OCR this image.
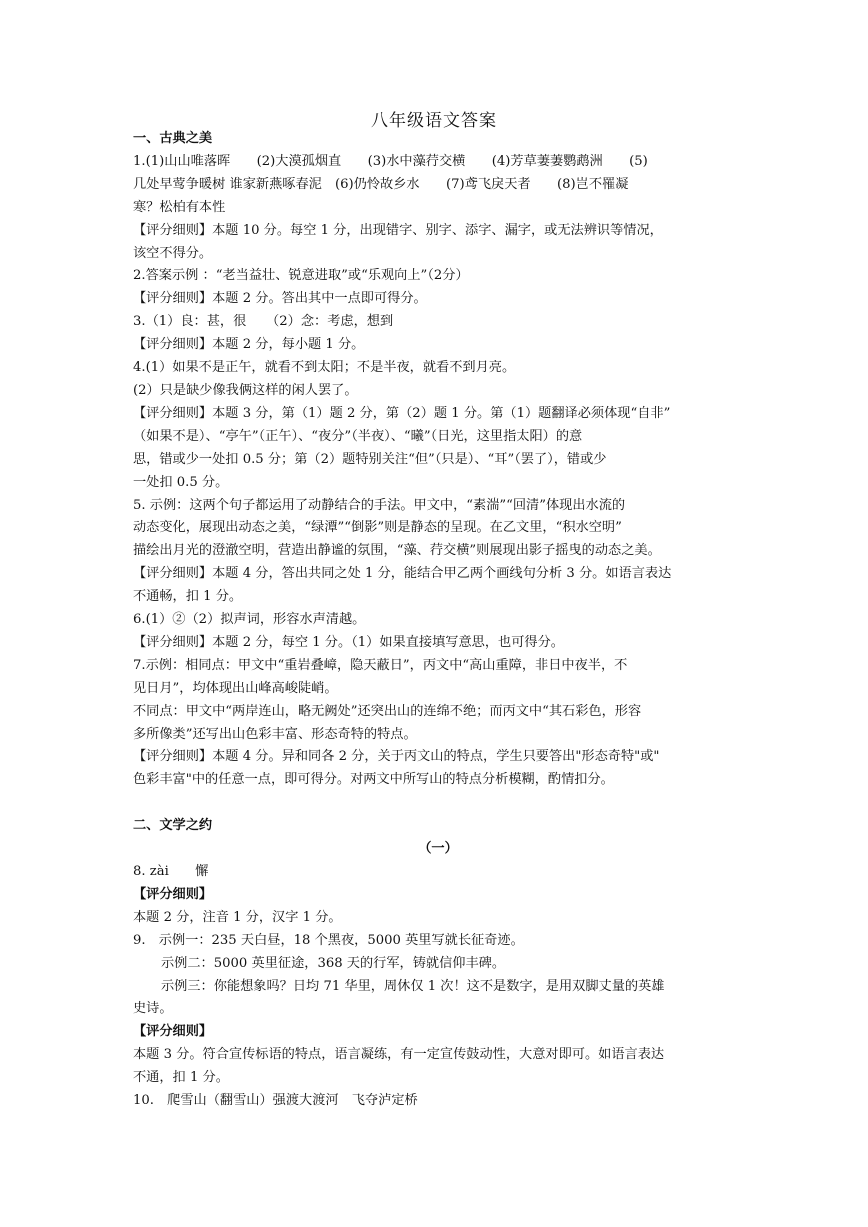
八年级语文答案

一、古典之美

1.(1)山山唯落晖　　(2)大漠孤烟直　　(3)水中藻荇交横　　(4)芳草萋萋鹦鹉洲　　(5)

几处早莺争暖树 谁家新燕啄春泥　(6)仍怜故乡水　　(7)鸢飞戾天者　　(8)岂不罹凝

寒？松柏有本性

【评分细则】本题 10 分。每空 1 分，出现错字、别字、添字、漏字，或无法辨识等情况，

该空不得分。

2.答案示例 ：“老当益壮、锐意进取”或“乐观向上”（2分）

【评分细则】本题 2 分。答出其中一点即可得分。

3.（1）良：甚，很　　（2）念：考虑，想到

【评分细则】本题 2 分，每小题 1 分。

4.(1）如果不是正午，就看不到太阳；不是半夜，就看不到月亮。

(2）只是缺少像我俩这样的闲人罢了。

【评分细则】本题 3 分，第（1）题 2 分，第（2）题 1 分。第（1）题翻译必须体现“自非”

（如果不是）、“亭午”（正午）、“夜分”（半夜）、“曦”（日光，这里指太阳）的意

思，错或少一处扣 0.5 分；第（2）题特别关注“但”（只是）、“耳”（罢了），错或少

一处扣 0.5 分。

5. 示例：这两个句子都运用了动静结合的手法。甲文中，“素湍”“回清”体现出水流的

动态变化，展现出动态之美，“绿潭”“倒影”则是静态的呈现。在乙文里，“积水空明”

描绘出月光的澄澈空明，营造出静谧的氛围，“藻、荇交横”则展现出影子摇曳的动态之美。

【评分细则】本题 4 分，答出共同之处 1 分，能结合甲乙两个画线句分析 3 分。如语言表达

不通畅，扣 1 分。

6.(1）②（2）拟声词，形容水声清越。

【评分细则】本题 2 分，每空 1 分。（1）如果直接填写意思，也可得分。

7.示例：相同点：甲文中“重岩叠嶂，隐天蔽日”，丙文中“高山重障，非日中夜半，不

见日月”，均体现出山峰高峻陡峭。

不同点：甲文中“两岸连山，略无阙处”还突出山的连绵不绝；而丙文中“其石彩色，形容

多所像类”还写出山色彩丰富、形态奇特的特点。

【评分细则】本题 4 分。异和同各 2 分，关于丙文山的特点，学生只要答出"形态奇特"或"

色彩丰富"中的任意一点，即可得分。对两文中所写山的特点分析模糊，酌情扣分。

二、文学之约

（一）

8. zài　　懈

【评分细则】

本题 2 分，注音 1 分，汉字 1 分。

9.　示例一：235 天白昼，18 个黑夜，5000 英里写就长征奇迹。

示例二：5000 英里征途，368 天的行军，铸就信仰丰碑。

示例三：你能想象吗？日均 71 华里，周休仅 1 次！这不是数字，是用双脚丈量的英雄

史诗。

【评分细则】

本题 3 分。符合宣传标语的特点，语言凝练，有一定宣传鼓动性，大意对即可。如语言表达

不通，扣 1 分。

10.　爬雪山（翻雪山）强渡大渡河　飞夺泸定桥
